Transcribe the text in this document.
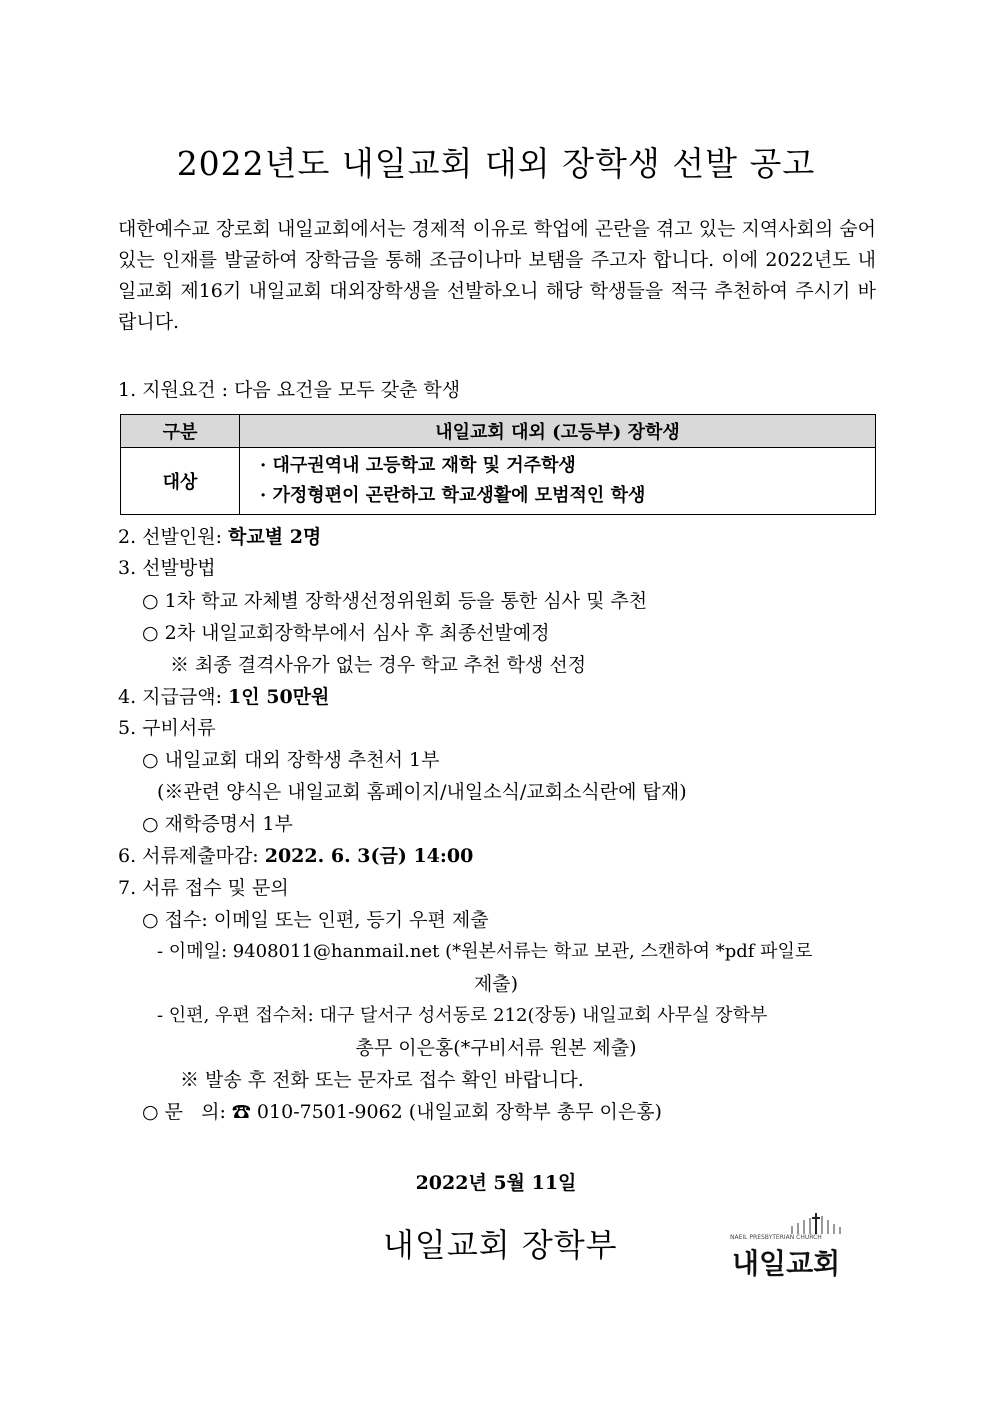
2022년도 내일교회 대외 장학생 선발 공고

대한예수교 장로회 내일교회에서는 경제적 이유로 학업에 곤란을 겪고 있는 지역사회의 숨어 있는 인재를 발굴하여 장학금을 통해 조금이나마 보탬을 주고자 합니다. 이에 2022년도 내일교회 제16기 내일교회 대외장학생을 선발하오니 해당 학생들을 적극 추천하여 주시기 바랍니다.

1. 지원요건 : 다음 요건을 모두 갖춘 학생
구분	내일교회 대외 (고등부) 장학생
대상	· 대구권역내 고등학교 재학 및 거주학생
· 가정형편이 곤란하고 학교생활에 모범적인 학생
2. 선발인원: 학교별 2명
3. 선발방법
○ 1차 학교 자체별 장학생선정위원회 등을 통한 심사 및 추천
○ 2차 내일교회장학부에서 심사 후 최종선발예정
※ 최종 결격사유가 없는 경우 학교 추천 학생 선정
4. 지급금액: 1인 50만원
5. 구비서류
○ 내일교회 대외 장학생 추천서 1부
(※관련 양식은 내일교회 홈페이지/내일소식/교회소식란에 탑재)
○ 재학증명서 1부
6. 서류제출마감: 2022. 6. 3(금) 14:00
7. 서류 접수 및 문의
○ 접수: 이메일 또는 인편, 등기 우편 제출
- 이메일: 9408011@hanmail.net (*원본서류는 학교 보관, 스캔하여 *pdf 파일로
제출)
- 인편, 우편 접수처: 대구 달서구 성서동로 212(장동) 내일교회 사무실 장학부
총무 이은홍(*구비서류 원본 제출)
※ 발송 후 전화 또는 문자로 접수 확인 바랍니다.
○ 문   의: ☎ 010-7501-9062 (내일교회 장학부 총무 이은홍)
2022년 5월 11일
내일교회 장학부	NAEIL PRESBYTERIAN CHURCH
내일교회
